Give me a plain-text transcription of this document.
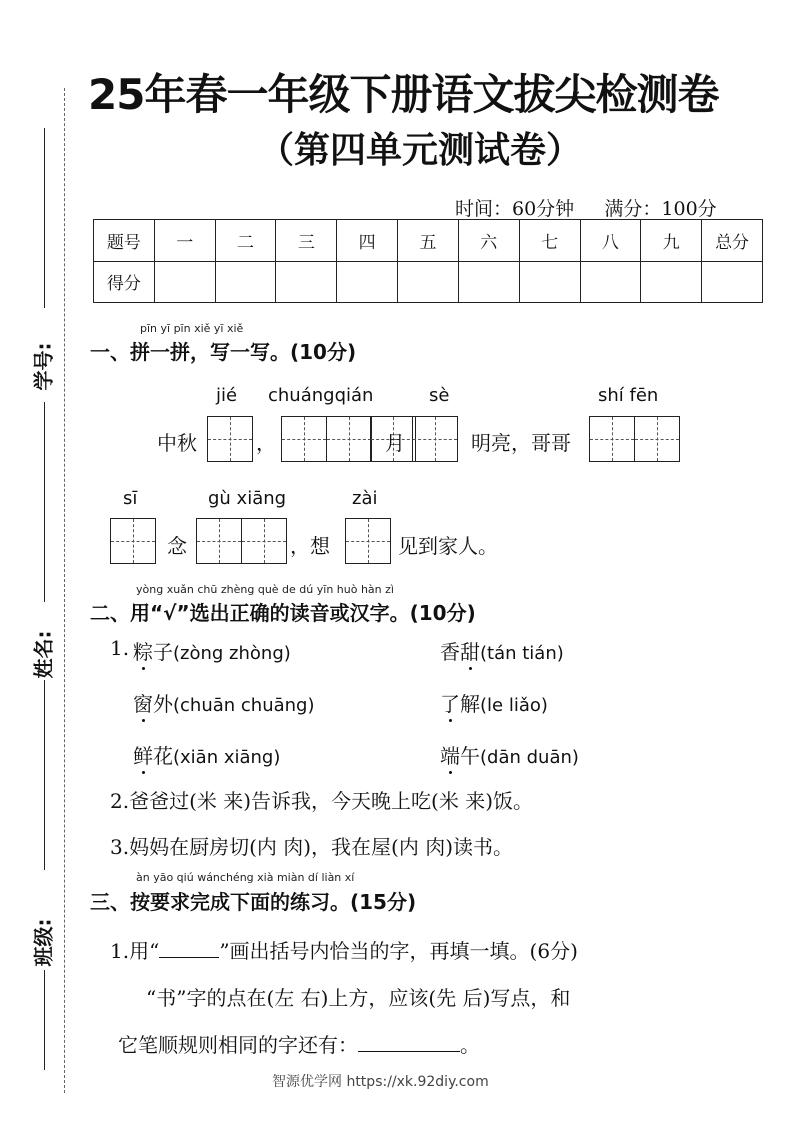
学号:
姓名:
班级:
25年春一年级下册语文拔尖检测卷
（第四单元测试卷）
时间：60分钟 满分：100分
题号	一	二	三	四	五	六	七	八	九	总分
得分										
pīn yī pīn xiě yī xiě
一、拼一拼，写一写。(10分)
jié chuángqián	sè	shí fēn
中秋	，	月	明亮，哥哥
sī	gù xiāng	zài
念	，想	见到家人。
yòng xuǎn chū zhèng què de dú yīn huò hàn zì
二、用“√”选出正确的读音或汉字。(10分)
1. 粽子(zòng zhòng)	香甜(tán tián)
窗外(chuān chuāng)	了解(le liǎo)
鲜花(xiān xiāng)	端午(dān duān)
2.爸爸过(米 来)告诉我，今天晚上吃(米 来)饭。
3.妈妈在厨房切(内 肉)，我在屋(内 肉)读书。
àn yāo qiú wánchéng xià miàn dí liàn xí
三、按要求完成下面的练习。(15分)
1.用“	”画出括号内恰当的字，再填一填。(6分)
“书”字的点在(左 右)上方，应该(先 后)写点，和
它笔顺规则相同的字还有：	。
智源优学网 https://xk.92diy.com
